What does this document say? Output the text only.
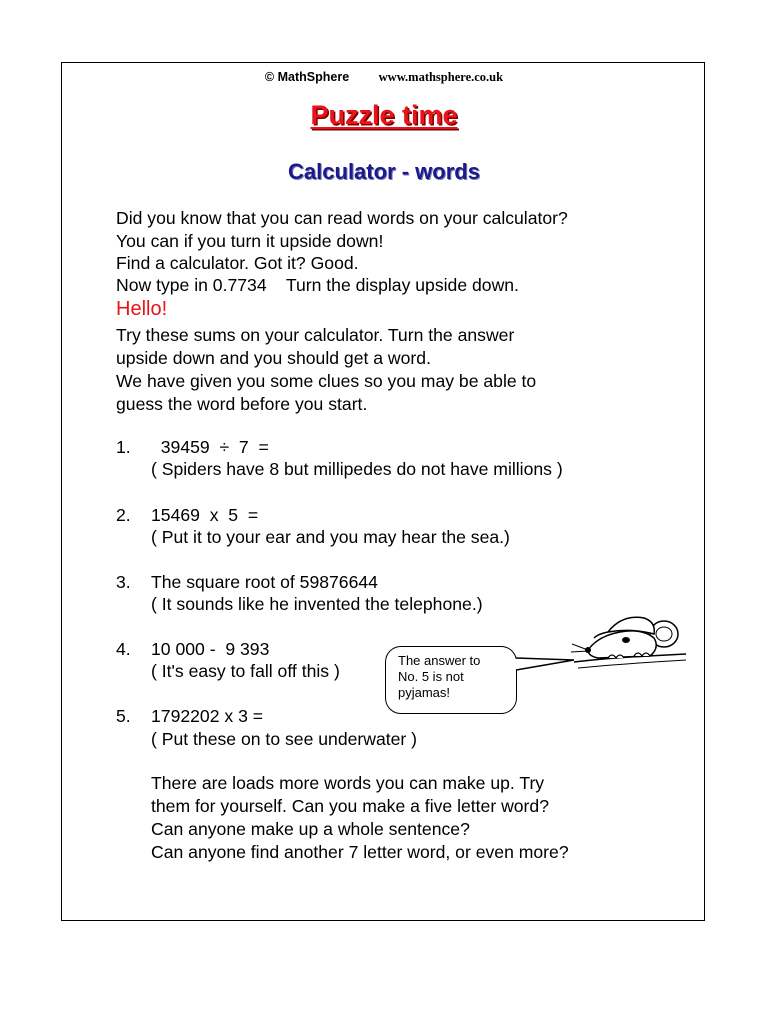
© MathSphere www.mathsphere.co.uk
Puzzle time
Calculator - words
Did you know that you can read words on your calculator?
You can if you turn it upside down!
Find a calculator. Got it? Good.
Now type in 0.7734    Turn the display upside down.
Hello!
Try these sums on your calculator. Turn the answer
upside down and you should get a word.
We have given you some clues so you may be able to
guess the word before you start.
1. 39459  ÷  7  =
( Spiders have 8 but millipedes do not have millions )
2. 15469  x  5  =
( Put it to your ear and you may hear the sea.)
3. The square root of 59876644
( It sounds like he invented the telephone.)
4. 10 000 -  9 393
( It's easy to fall off this )
5. 1792202 x 3 =
( Put these on to see underwater )
There are loads more words you can make up. Try
them for yourself. Can you make a five letter word?
Can anyone make up a whole sentence?
Can anyone find another 7 letter word, or even more?
The answer to
No. 5 is not
pyjamas!
